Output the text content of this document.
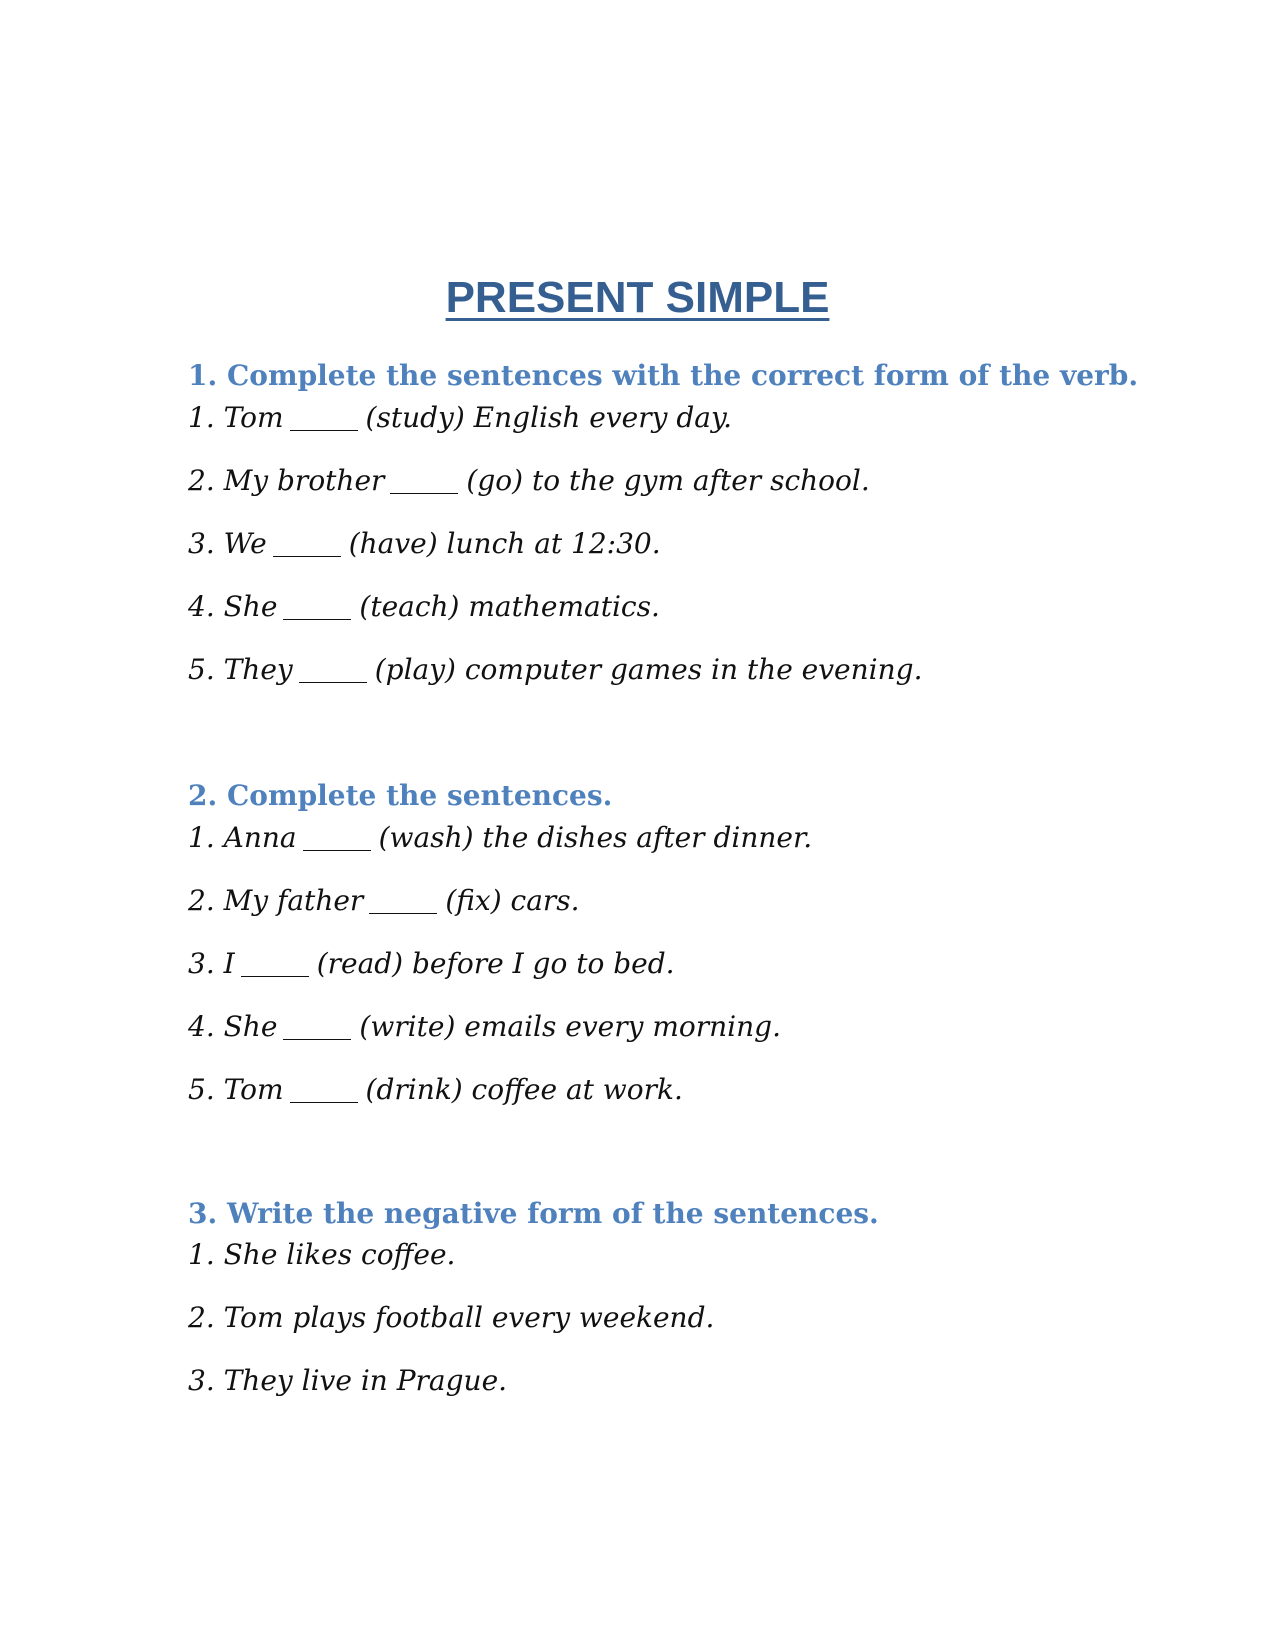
PRESENT SIMPLE

1. Complete the sentences with the correct form of the verb.

1. Tom	(study) English every day.
2. My brother	(go) to the gym after school.
3. We	(have) lunch at 12:30.
4. She	(teach) mathematics.
5. They	(play) computer games in the evening.

2. Complete the sentences.

1. Anna	(wash) the dishes after dinner.
2. My father	(fix) cars.
3. I	(read) before I go to bed.
4. She	(write) emails every morning.
5. Tom	(drink) coffee at work.

3. Write the negative form of the sentences.

1. She likes coffee.
2. Tom plays football every weekend.
3. They live in Prague.
